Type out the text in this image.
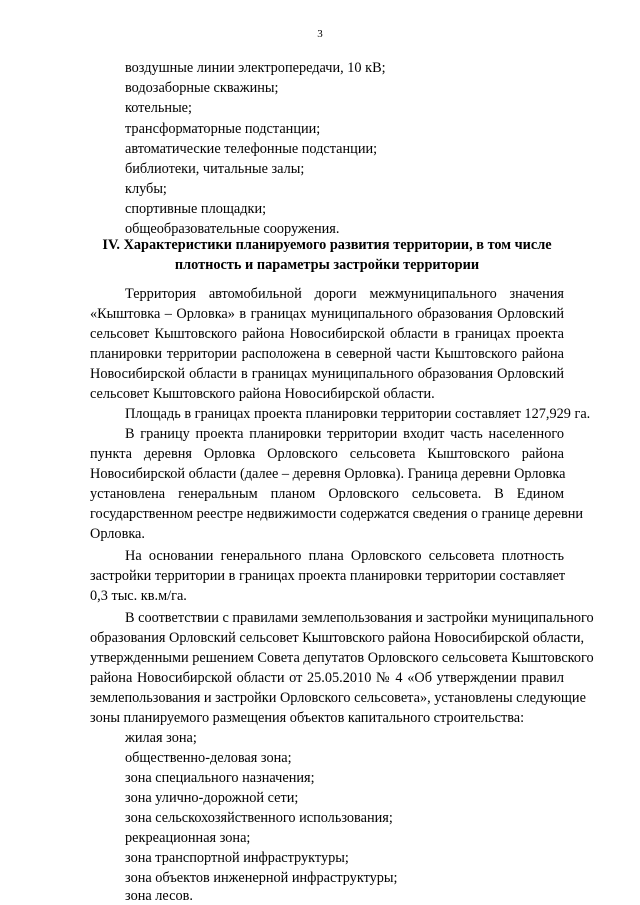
3
воздушные линии электропередачи, 10 кВ;
водозаборные скважины;
котельные;
трансформаторные подстанции;
автоматические телефонные подстанции;
библиотеки, читальные залы;
клубы;
спортивные площадки;
общеобразовательные сооружения.
IV. Характеристики планируемого развития территории, в том числе
плотность и параметры застройки территории
Территория автомобильной дороги межмуниципального значения
«Кыштовка – Орловка» в границах муниципального образования Орловский
сельсовет Кыштовского района Новосибирской области в границах проекта
планировки территории расположена в северной части Кыштовского района
Новосибирской области в границах муниципального образования Орловский
сельсовет Кыштовского района Новосибирской области.
Площадь в границах проекта планировки территории составляет 127,929 га.
В границу проекта планировки территории входит часть населенного
пункта деревня Орловка Орловского сельсовета Кыштовского района
Новосибирской области (далее – деревня Орловка). Граница деревни Орловка
установлена генеральным планом Орловского сельсовета. В Едином
государственном реестре недвижимости содержатся сведения о границе деревни
Орловка.
На основании генерального плана Орловского сельсовета плотность
застройки территории в границах проекта планировки территории составляет
0,3 тыс. кв.м/га.
В соответствии с правилами землепользования и застройки муниципального
образования Орловский сельсовет Кыштовского района Новосибирской области,
утвержденными решением Совета депутатов Орловского сельсовета Кыштовского
района Новосибирской области от 25.05.2010 № 4 «Об утверждении правил
землепользования и застройки Орловского сельсовета», установлены следующие
зоны планируемого размещения объектов капитального строительства:
жилая зона;
общественно-деловая зона;
зона специального назначения;
зона улично-дорожной сети;
зона сельскохозяйственного использования;
рекреационная зона;
зона транспортной инфраструктуры;
зона объектов инженерной инфраструктуры;
зона лесов.
